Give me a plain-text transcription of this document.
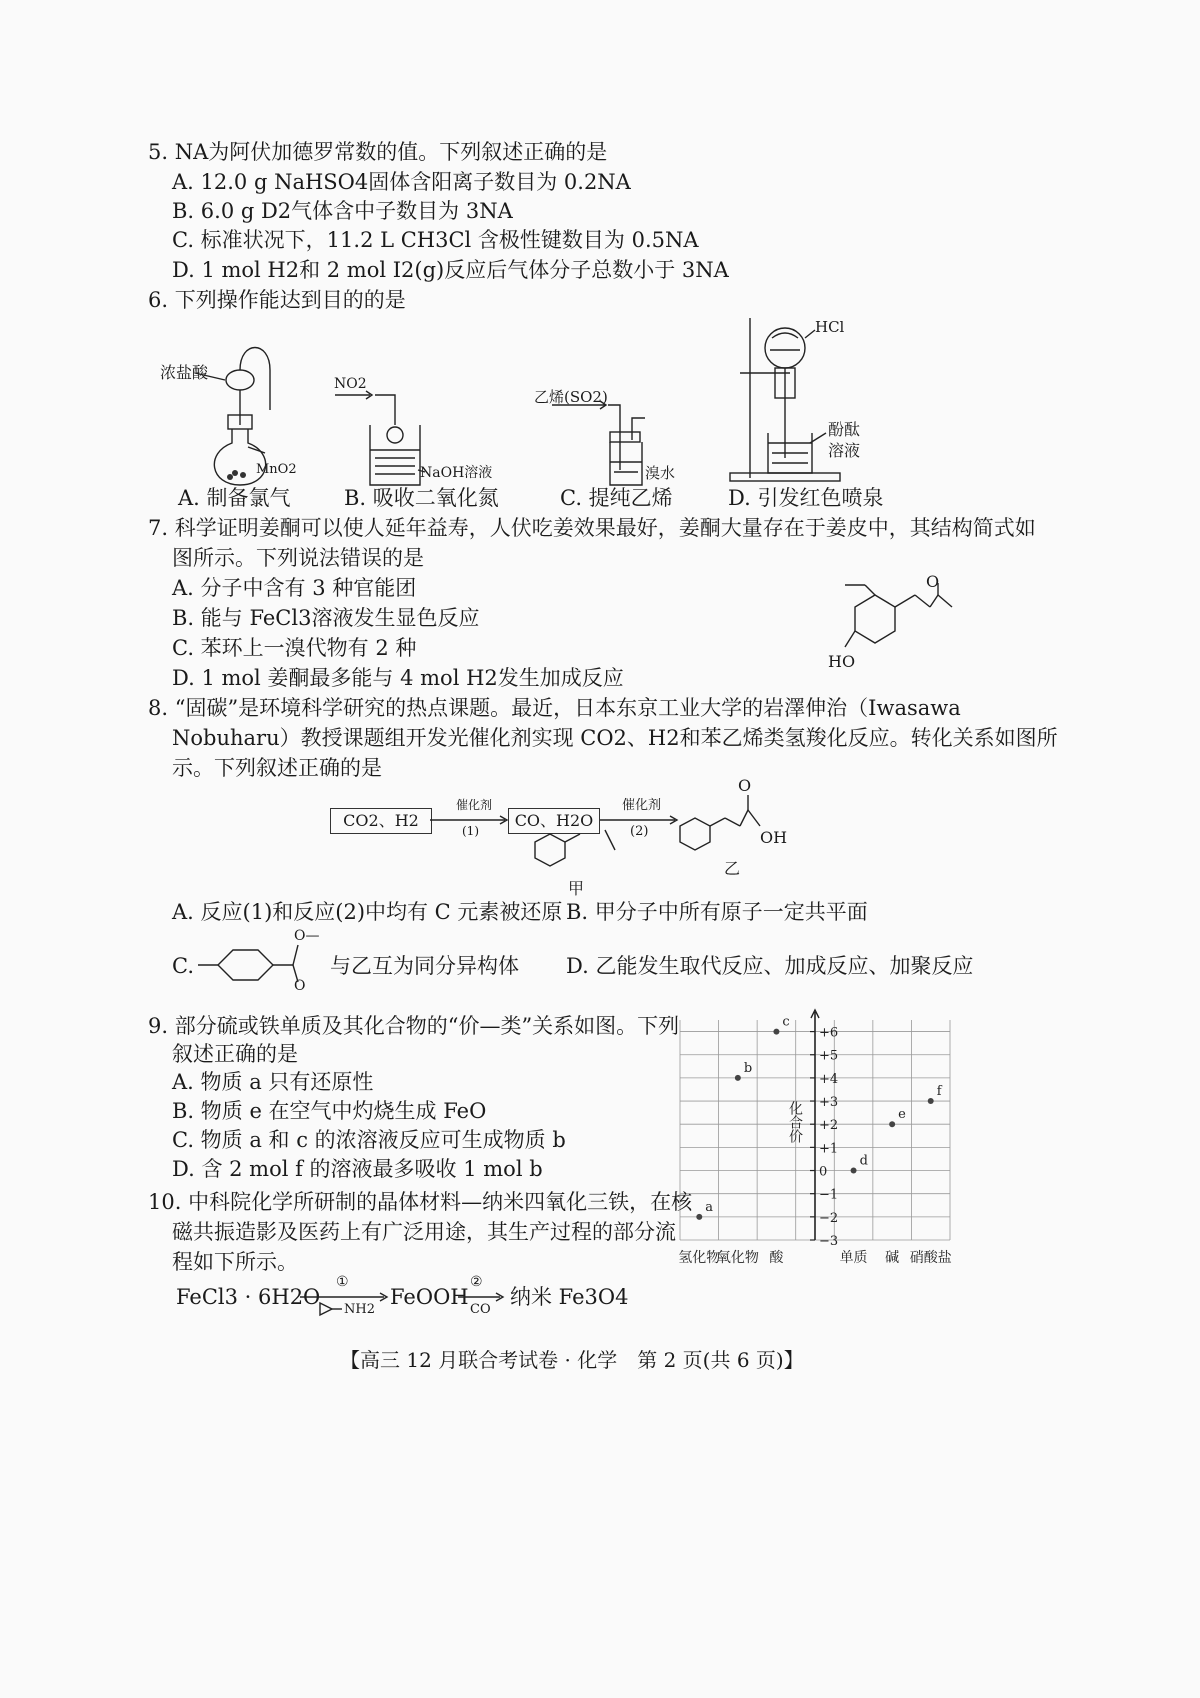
5. NA为阿伏加德罗常数的值。下列叙述正确的是
A. 12.0 g NaHSO4固体含阳离子数目为 0.2NA
B. 6.0 g D2气体含中子数目为 3NA
C. 标准状况下，11.2 L CH3Cl 含极性键数目为 0.5NA
D. 1 mol H2和 2 mol I2(g)反应后气体分子总数小于 3NA
6. 下列操作能达到目的的是
浓盐酸
MnO2
NO2
NaOH溶液
乙烯(SO2)
溴水
HCl
酚酞
溶液
A. 制备氯气	B. 吸收二氧化氮	C. 提纯乙烯	D. 引发红色喷泉
7. 科学证明姜酮可以使人延年益寿，人伏吃姜效果最好，姜酮大量存在于姜皮中，其结构简式如
图所示。下列说法错误的是
A. 分子中含有 3 种官能团
B. 能与 FeCl3溶液发生显色反应
C. 苯环上一溴代物有 2 种
D. 1 mol 姜酮最多能与 4 mol H2发生加成反应
O
HO
8. “固碳”是环境科学研究的热点课题。最近，日本东京工业大学的岩澤伸治（Iwasawa
Nobuharu）教授课题组开发光催化剂实现 CO2、H2和苯乙烯类氢羧化反应。转化关系如图所
示。下列叙述正确的是
CO2、H2
催化剂
(1)
CO、H2O
催化剂
(2)
甲
乙
O
OH
A. 反应(1)和反应(2)中均有 C 元素被还原 B. 甲分子中所有原子一定共平面
C.
O—
O
与乙互为同分异构体 D. 乙能发生取代反应、加成反应、加聚反应
9. 部分硫或铁单质及其化合物的“价—类”关系如图。下列
叙述正确的是
A. 物质 a 只有还原性
B. 物质 e 在空气中灼烧生成 FeO
C. 物质 a 和 c 的浓溶液反应可生成物质 b
D. 含 2 mol f 的溶液最多吸收 1 mol b
+6
+5
+4
+3
+2
+1
0
−1
−2
−3
化合价
氢化物
氧化物 酸	单质 碱 硝酸盐
a
b
c
d
e
f
10. 中科院化学所研制的晶体材料—纳米四氧化三铁，在核
磁共振造影及医药上有广泛用途，其生产过程的部分流
程如下所示。
FeCl3 · 6H2O
①
NH2
FeOOH
②
CO
纳米 Fe3O4
【高三 12 月联合考试卷 · 化学　第 2 页(共 6 页)】
